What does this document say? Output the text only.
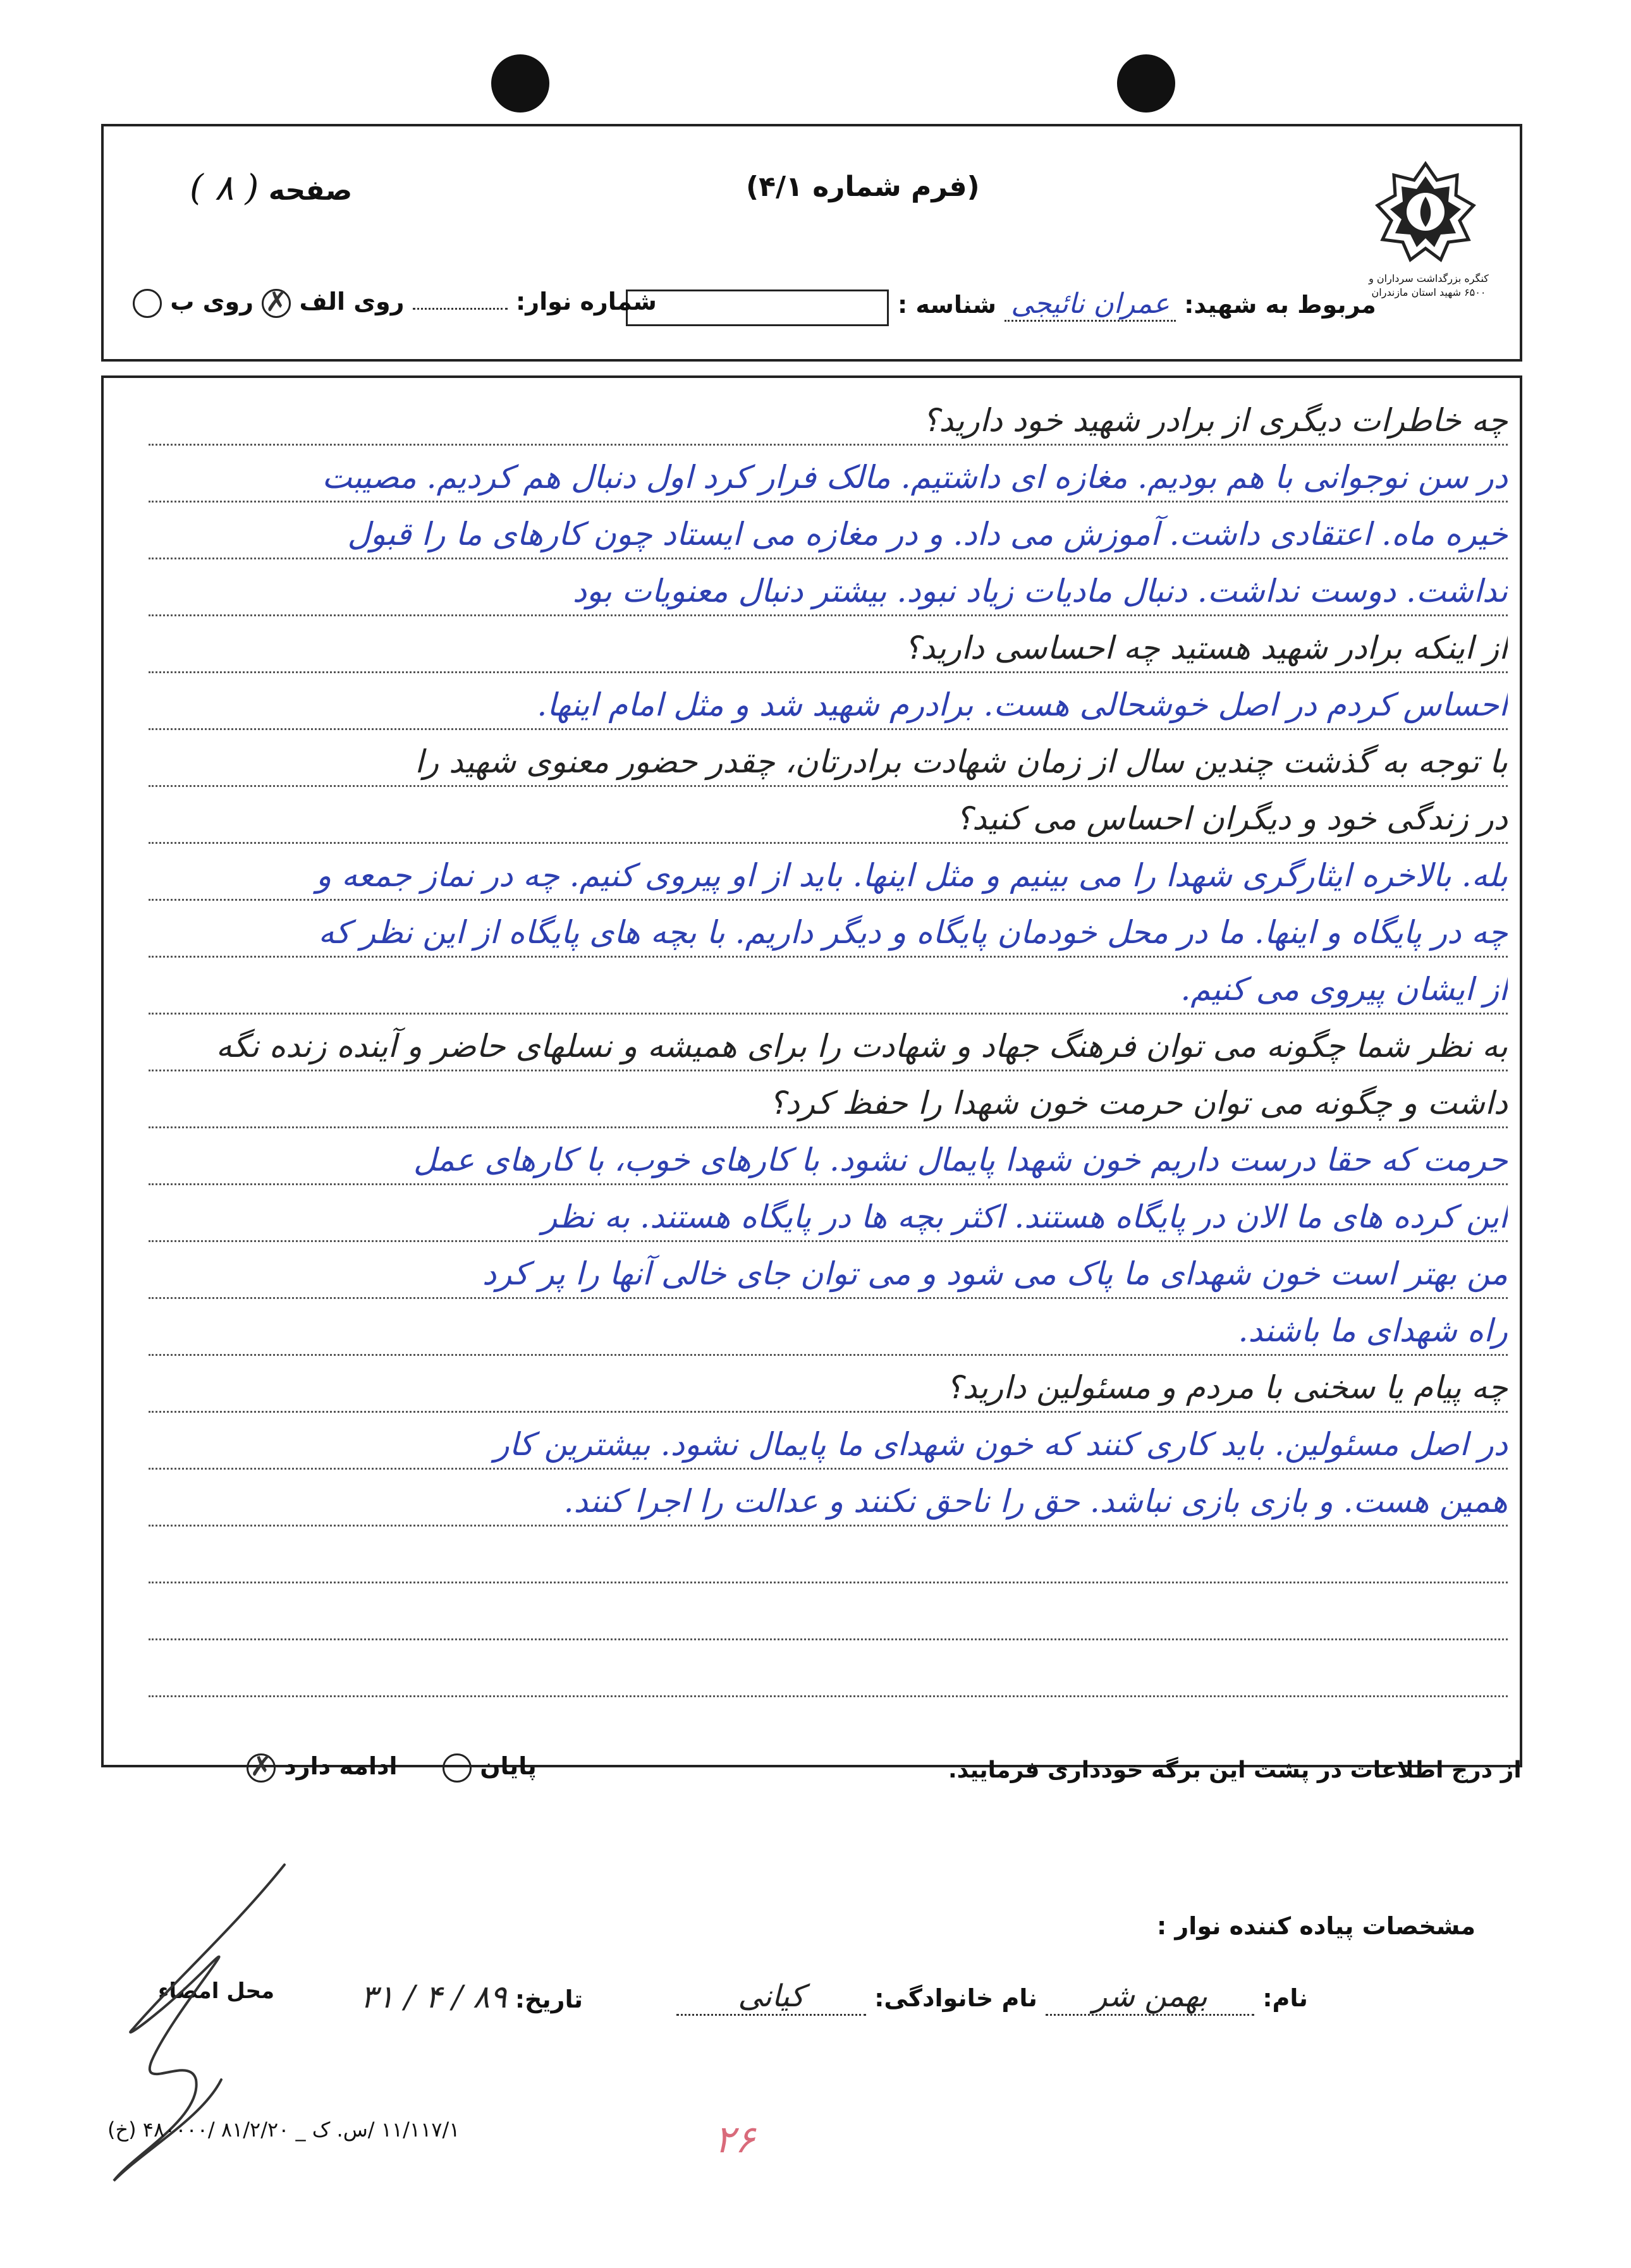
کنگره بزرگداشت سرداران و ۶۵۰۰ شهید استان مازندران
صفحه ( ٨ )	(فرم شماره ۴/۱)
مربوط به شهید: عمران نائیجی شناسه :
شماره نوار:  روی الف
✗
روی ب
چه خاطرات دیگری از برادر شهید خود دارید؟
در سن نوجوانی با هم بودیم. مغازه ای داشتیم. مالک فرار کرد اول دنبال هم کردیم. مصیبت
خیره ماه. اعتقادی داشت. آموزش می داد. و در مغازه می ایستاد چون کارهای ما را قبول
نداشت. دوست نداشت. دنبال مادیات زیاد نبود. بیشتر دنبال معنویات بود
از اینکه برادر شهید هستید چه احساسی دارید؟
احساس کردم در اصل خوشحالی هست. برادرم شهید شد و مثل امام اینها.
با توجه به گذشت چندین سال از زمان شهادت برادرتان، چقدر حضور معنوی شهید را
در زندگی خود و دیگران احساس می کنید؟
بله. بالاخره ایثارگری شهدا را می بینیم و مثل اینها. باید از او پیروی کنیم. چه در نماز جمعه و
چه در پایگاه و اینها. ما در محل خودمان پایگاه و دیگر داریم. با بچه های پایگاه از این نظر که
از ایشان پیروی می کنیم.
به نظر شما چگونه می توان فرهنگ جهاد و شهادت را برای همیشه و نسلهای حاضر و آینده زنده نگه
داشت و چگونه می توان حرمت خون شهدا را حفظ کرد؟
حرمت که حقا درست داریم خون شهدا پایمال نشود. با کارهای خوب، با کارهای عمل
این کرده های ما الان در پایگاه هستند. اکثر بچه ها در پایگاه هستند. به نظر
من بهتر است خون شهدای ما پاک می شود و می توان جای خالی آنها را پر کرد
راه شهدای ما باشند.
چه پیام یا سخنی با مردم و مسئولین دارید؟
در اصل مسئولین. باید کاری کنند که خون شهدای ما پایمال نشود. بیشترین کار
همین هست. و بازی بازی نباشد. حق را ناحق نکنند و عدالت را اجرا کنند.
از درج اطلاعات در پشت این برگه خودداری فرمایید.
پایان
ادامه دارد
✗
مشخصات پیاده کننده نوار :
نام: بهمن شر نام خانوادگی: کیانی
تاریخ: ۸۹ / ۴ / ۳۱
محل امضاء
۱۱/۱۱۷/۱ /س. ک _ ۸۱/۲/۲۰ /۴۸۰۰۰۰ (خ)	۲۶
